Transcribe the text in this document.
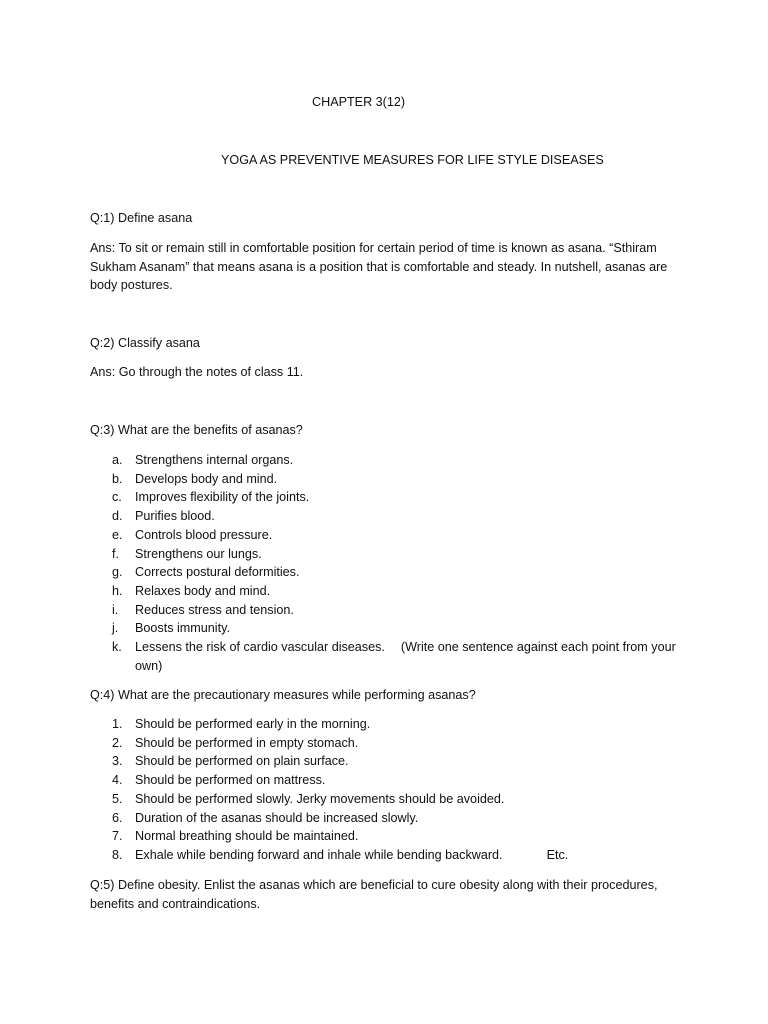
CHAPTER 3(12)
YOGA AS PREVENTIVE MEASURES FOR LIFE STYLE DISEASES

Q:1) Define asana

Ans: To sit or remain still in comfortable position for certain period of time is known as asana. “Sthiram Sukham Asanam” that means asana is a position that is comfortable and steady. In nutshell, asanas are body postures.

Q:2) Classify asana

Ans: Go through the notes of class 11.

Q:3) What are the benefits of asanas?

a. Strengthens internal organs.
b. Develops body and mind.
c. Improves flexibility of the joints.
d. Purifies blood.
e. Controls blood pressure.
f. Strengthens our lungs.
g. Corrects postural deformities.
h. Relaxes body and mind.
i. Reduces stress and tension.
j. Boosts immunity.
k. Lessens the risk of cardio vascular diseases. (Write one sentence against each point from your own)

Q:4) What are the precautionary measures while performing asanas?

1. Should be performed early in the morning.
2. Should be performed in empty stomach.
3. Should be performed on plain surface.
4. Should be performed on mattress.
5. Should be performed slowly. Jerky movements should be avoided.
6. Duration of the asanas should be increased slowly.
7. Normal breathing should be maintained.
8. Exhale while bending forward and inhale while bending backward.	Etc.

Q:5) Define obesity. Enlist the asanas which are beneficial to cure obesity along with their procedures, benefits and contraindications.
